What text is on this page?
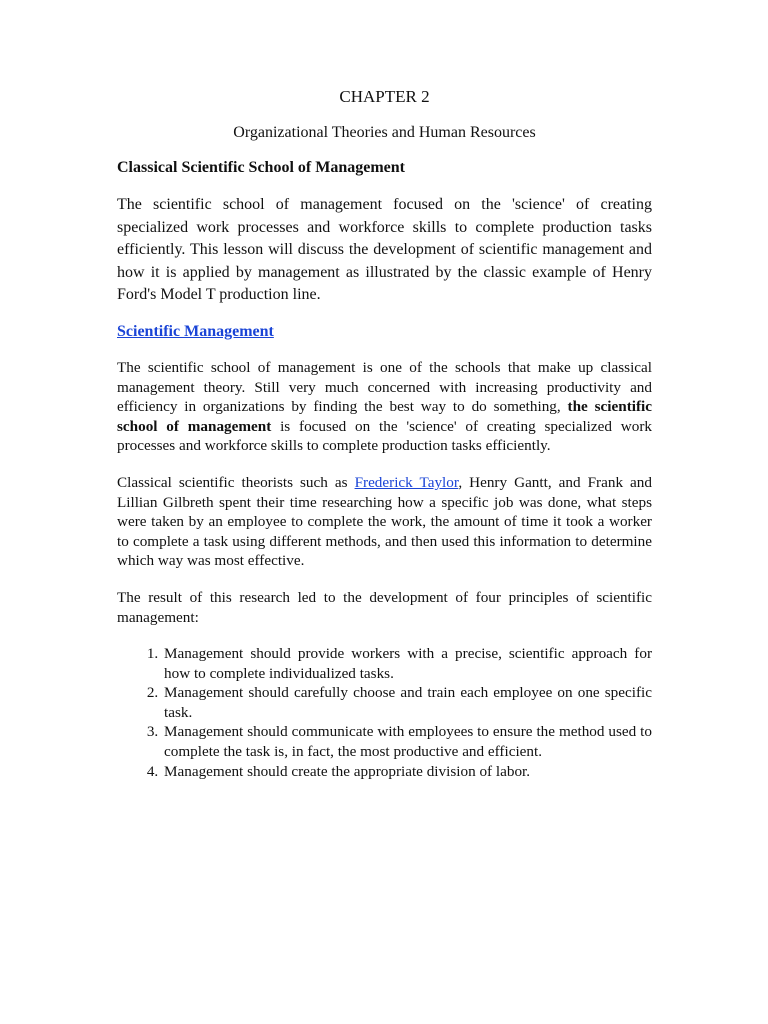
CHAPTER 2
Organizational Theories and Human Resources
Classical Scientific School of Management

The scientific school of management focused on the 'science' of creating specialized work processes and workforce skills to complete production tasks efficiently. This lesson will discuss the development of scientific management and how it is applied by management as illustrated by the classic example of Henry Ford's Model T production line.

Scientific Management

The scientific school of management is one of the schools that make up classical management theory. Still very much concerned with increasing productivity and efficiency in organizations by finding the best way to do something, the scientific school of management is focused on the 'science' of creating specialized work processes and workforce skills to complete production tasks efficiently.

Classical scientific theorists such as Frederick Taylor, Henry Gantt, and Frank and Lillian Gilbreth spent their time researching how a specific job was done, what steps were taken by an employee to complete the work, the amount of time it took a worker to complete a task using different methods, and then used this information to determine which way was most effective.

The result of this research led to the development of four principles of scientific management:

1. Management should provide workers with a precise, scientific approach for how to complete individualized tasks.
2. Management should carefully choose and train each employee on one specific task.
3. Management should communicate with employees to ensure the method used to complete the task is, in fact, the most productive and efficient.
4. Management should create the appropriate division of labor.
